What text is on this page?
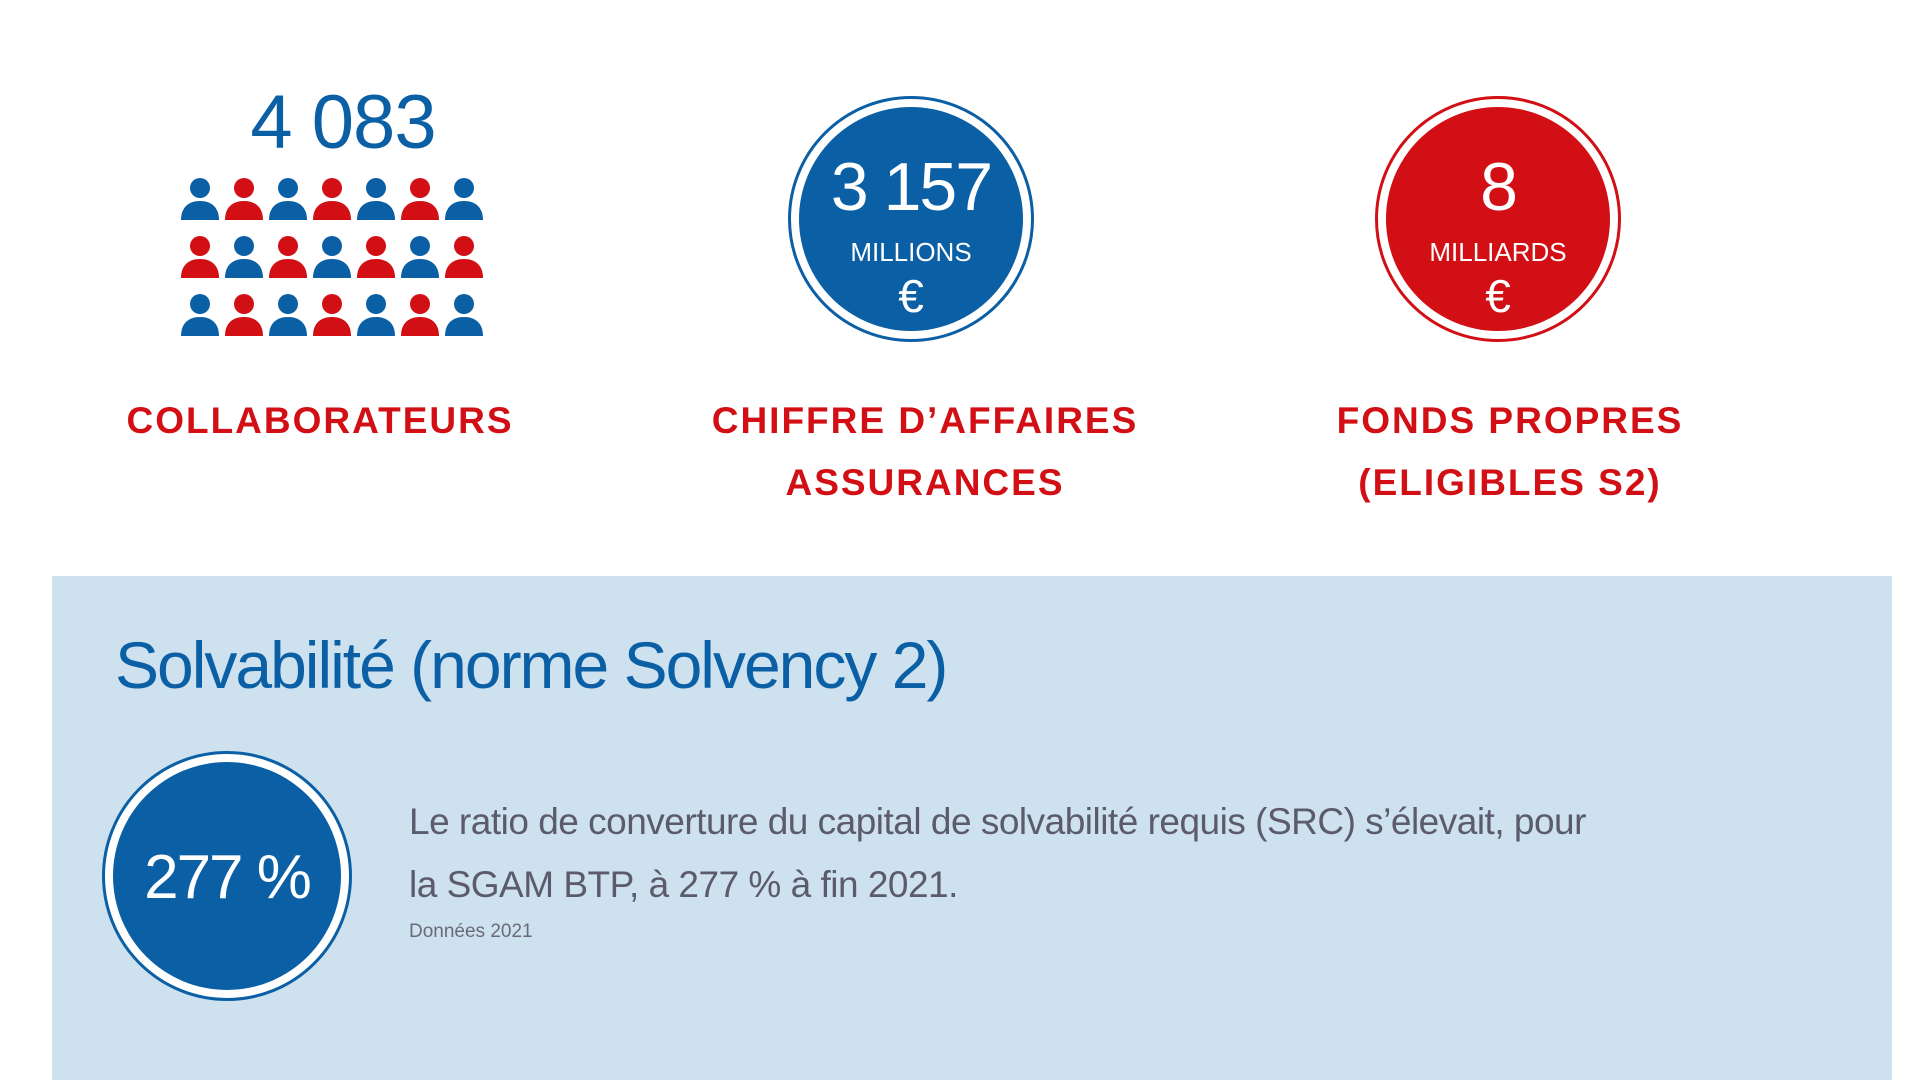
4 083
COLLABORATEURS
3 157
MILLIONS
€
CHIFFRE D’AFFAIRES
ASSURANCES
8
MILLIARDS
€
FONDS PROPRES
(ELIGIBLES S2)
Solvabilité (norme Solvency 2)
277 %
Le ratio de converture du capital de solvabilité requis (SRC) s’élevait, pour
la SGAM BTP, à 277 % à fin 2021.
Données 2021
